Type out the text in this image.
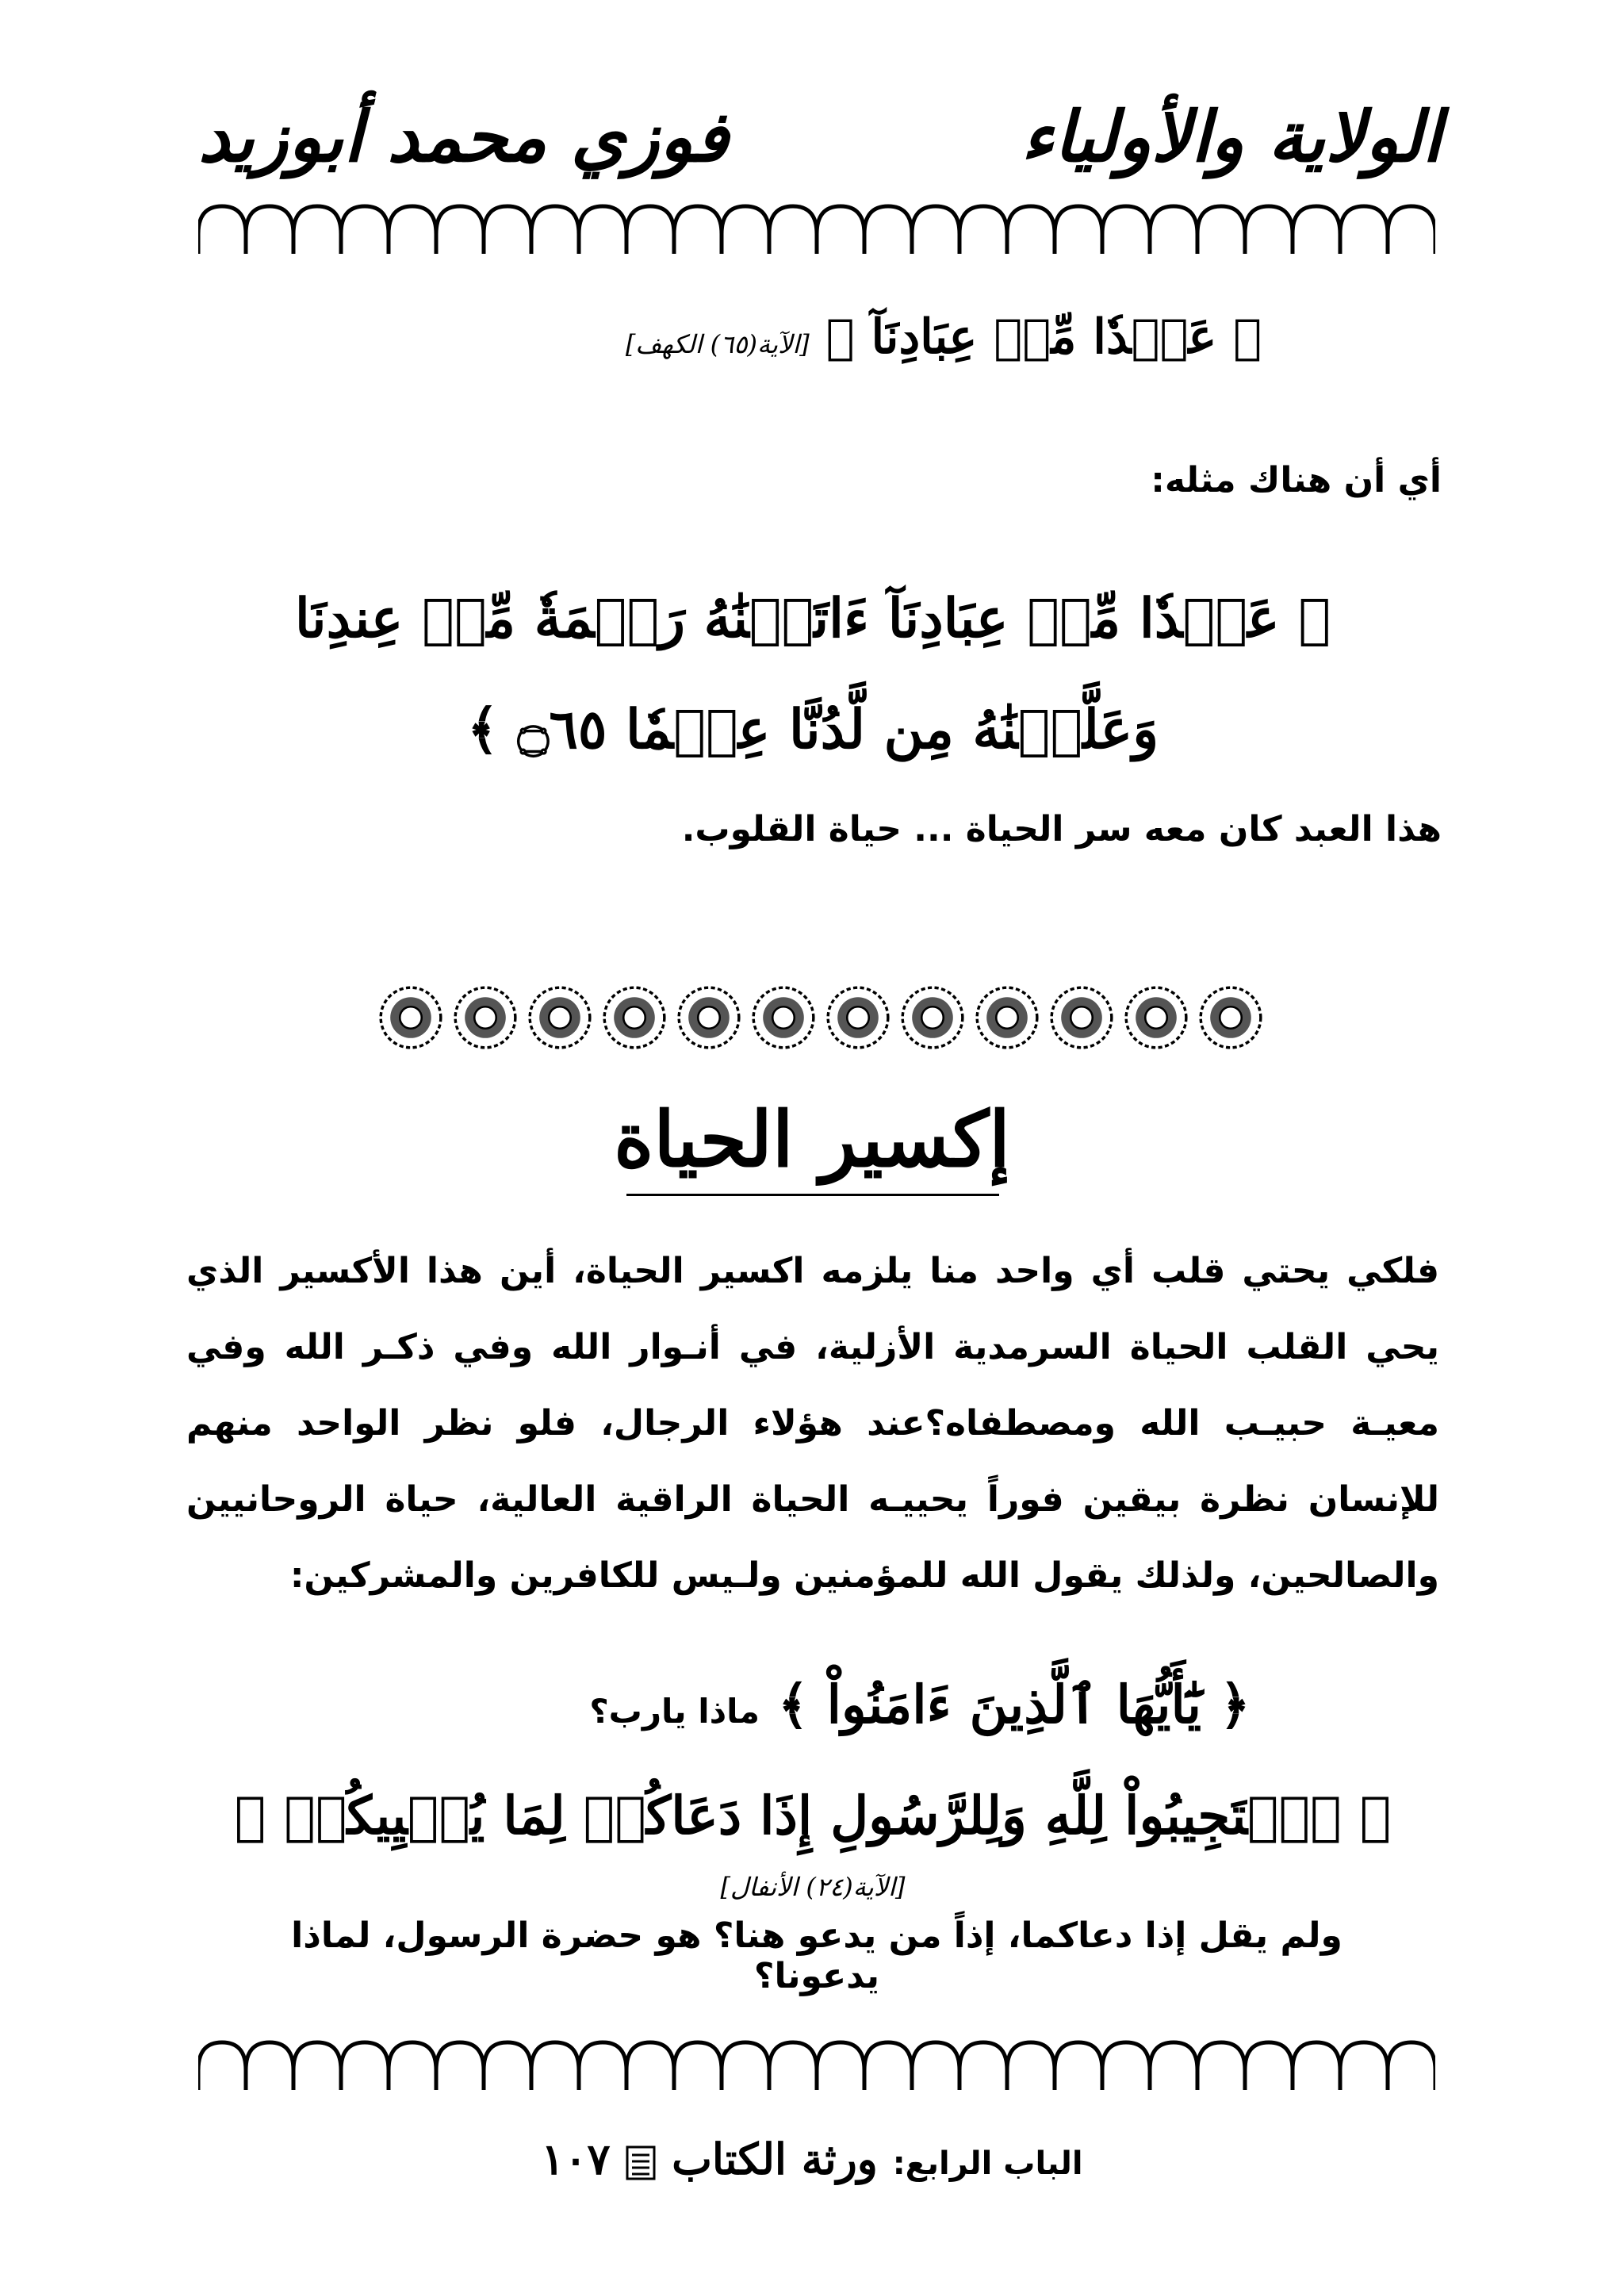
الولاية والأولياء
فوزي محمد أبوزيد
﴿ عَبۡدٗا مِّنۡ عِبَادِنَآ ﴾ [الآية(٦٥) الكهف]
أي أن هناك مثله:
﴿ عَبۡدٗا مِّنۡ عِبَادِنَآ ءَاتَيۡنَٰهُ رَحۡمَةٗ مِّنۡ عِندِنَا وَعَلَّمۡنَٰهُ مِن لَّدُنَّا عِلۡمٗا ۝٦٥ ﴾
هذا العبد كان معه سر الحياة ... حياة القلوب.
إكسير الحياة
فلكي يحتي قلب أي واحد منا يلزمه اكسير الحياة، أين هذا الأكسير الذي يحي القلب الحياة السرمدية الأزلية، في أنـوار الله وفي ذكـر الله وفي معيـة حبيـب الله ومصطفاه؟عند هؤلاء الرجال، فلو نظر الواحد منهم للإنسان نظرة بيقين فوراً يحييـه الحياة الراقية العالية، حياة الروحانيين والصالحين، ولذلك يقول الله للمؤمنين ولـيس للكافرين والمشركين:
﴿ يَٰٓأَيُّهَا ٱلَّذِينَ ءَامَنُواْ ﴾ ماذا يارب؟
﴿ ٱسۡتَجِيبُواْ لِلَّهِ وَلِلرَّسُولِ إِذَا دَعَاكُمۡ لِمَا يُحۡيِيكُمۡ ﴾ [الآية(٢٤) الأنفال]
ولم يقل إذا دعاكما، إذاً من يدعو هنا؟ هو حضرة الرسول، لماذا يدعونا؟
الباب الرابع: ورثة الكتاب  ١٠٧
